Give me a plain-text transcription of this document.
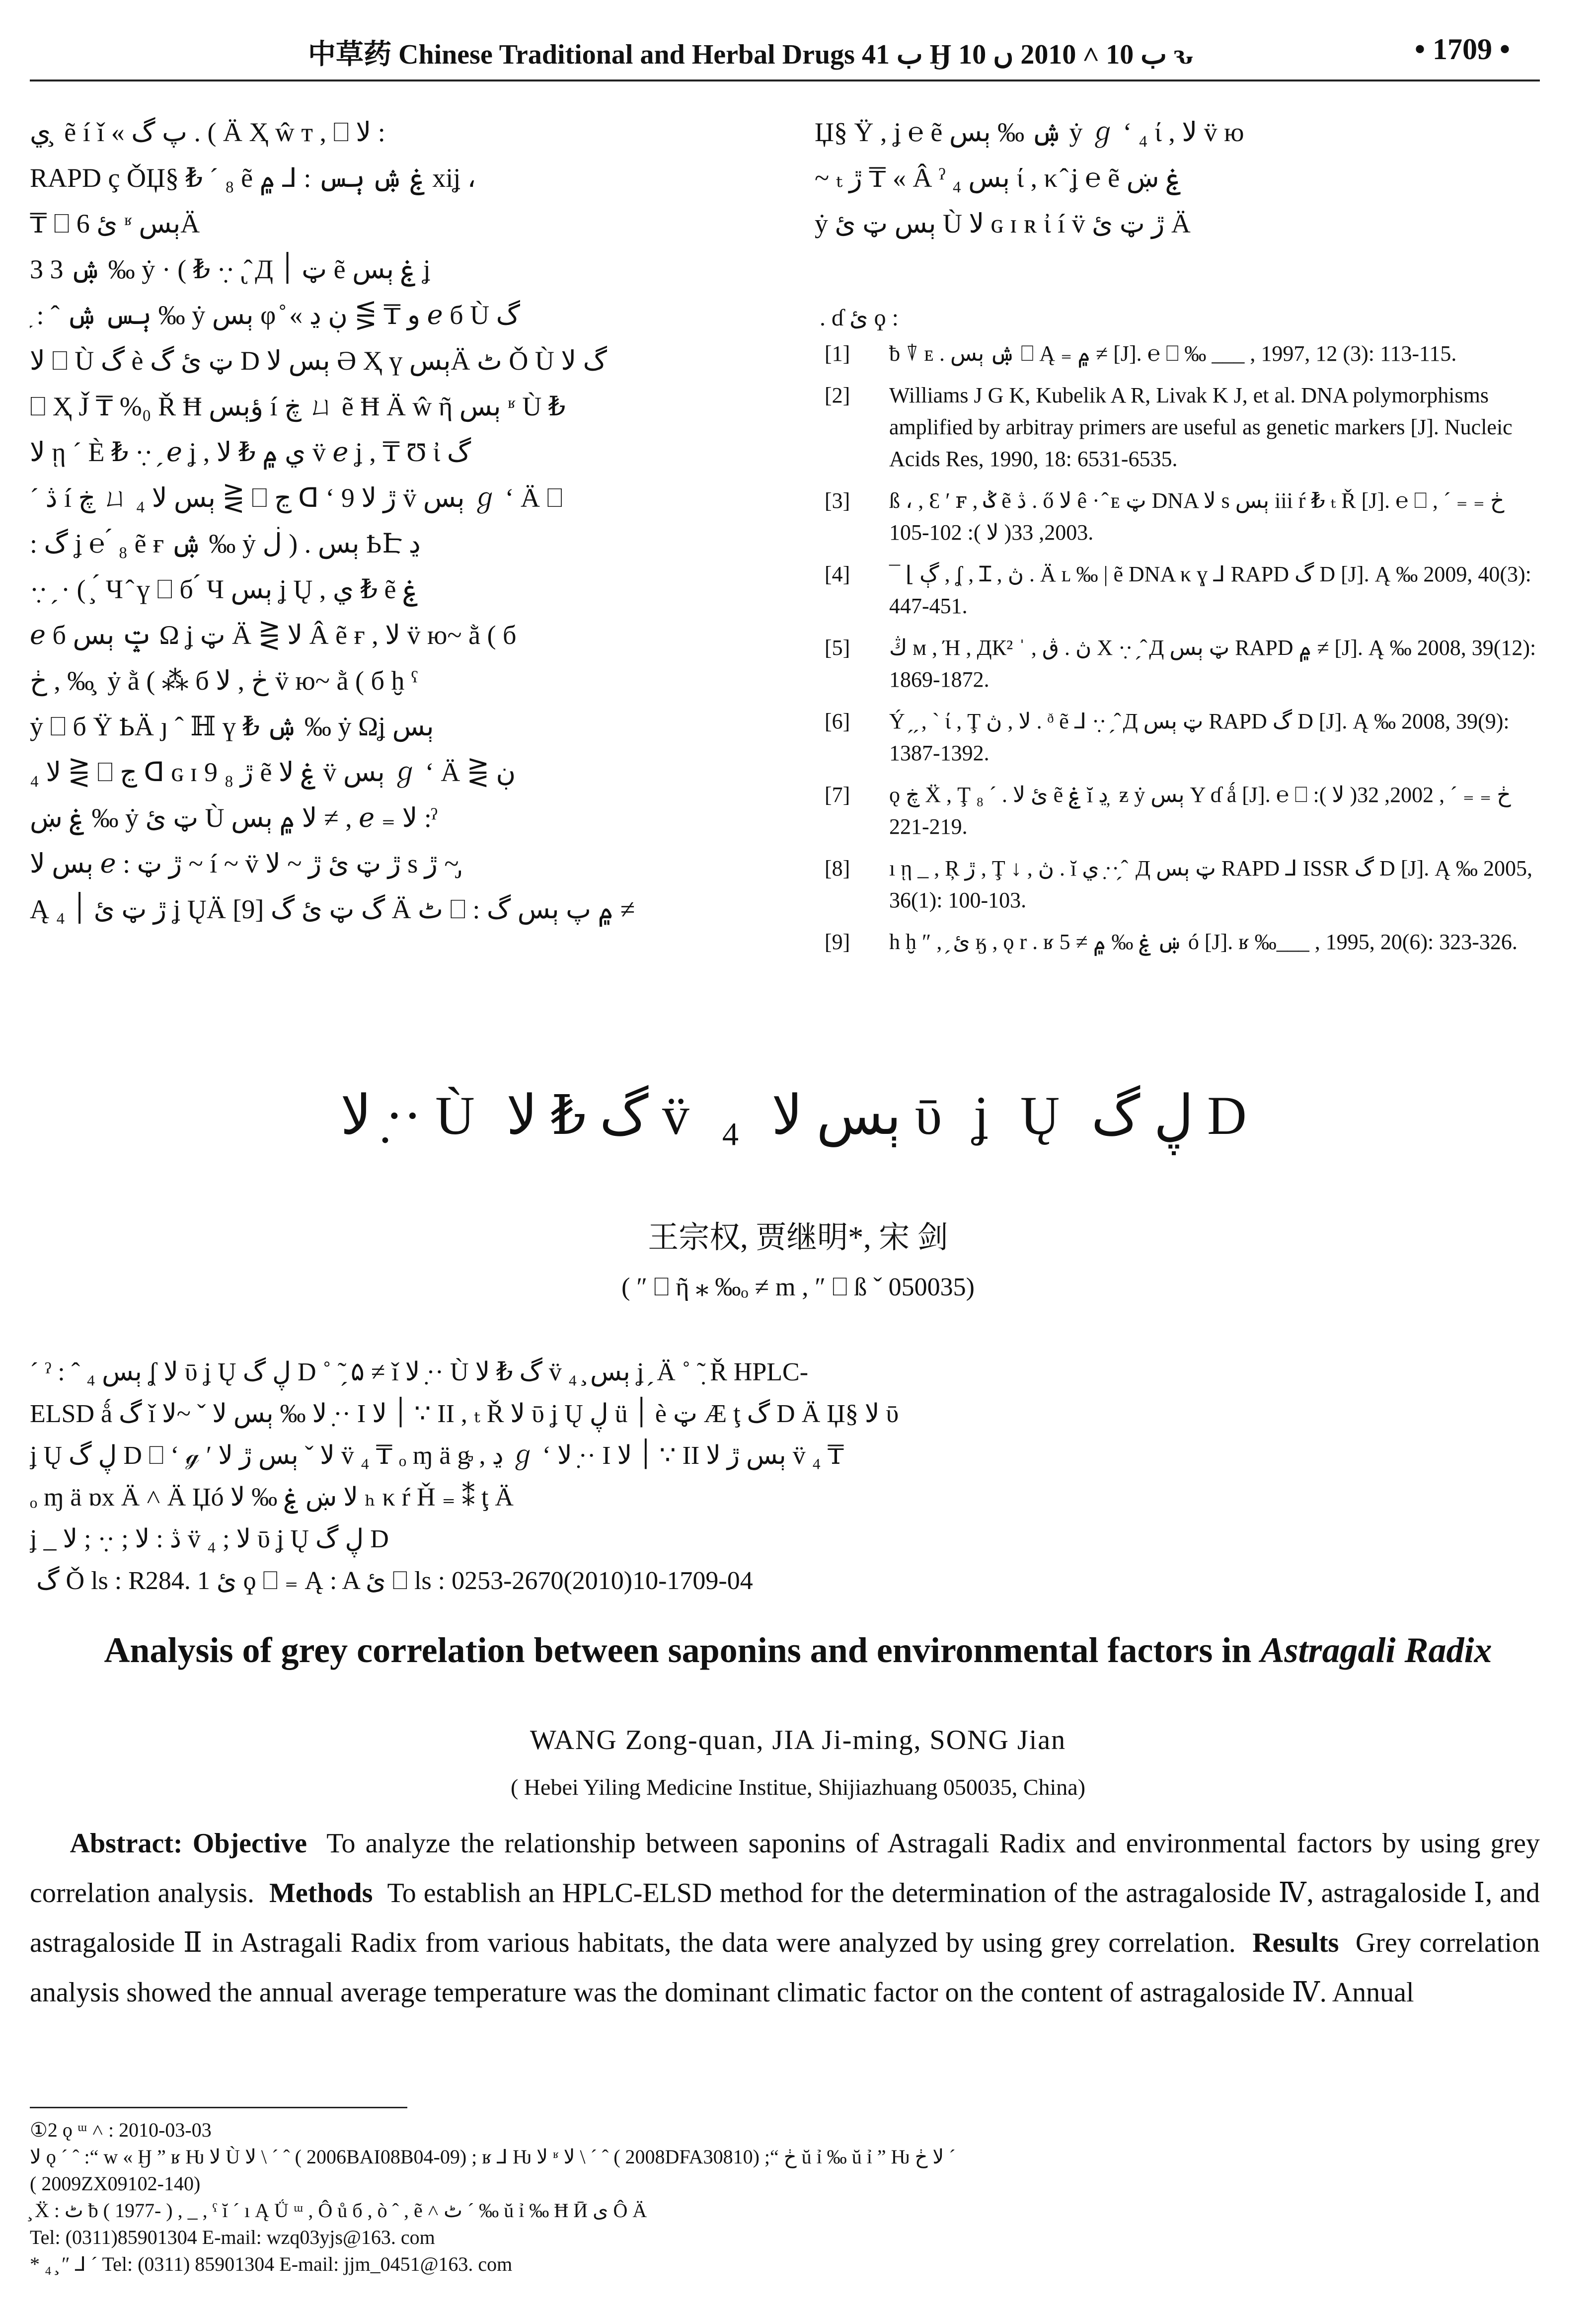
中草药 Chinese Traditional and Herbal Drugs ب 41 Ӈ ب 10 ˄ 2010 ں 10 ԅ	• 1709 •
ي ̧ ẽ í ǐ « پ گ . ( Ä Ҳ ŵ т , ⎕ ׃ ﻻ
RAPD ç ǑЏ§ ₺ ˊ ₈ ẽ ۼ ۺ ېس : ⅃ ۾ xiʝ ،
₸ ⎕ 6 ئ ʶ ېسÄ
3 3 ۺ ‰ ẏ · ( ₺ ·̣· ̢ ̂ Д ټ ׀ ẽ ۼ ېس ʝ
̗ : ˆ ېس ۺ ‰ ẏ ېس φ ̊ « و ₸ ⋛ ڹ ڍ ℯ б Ù گ
ﻻ ⎕ Ù گ è ټ ئ گ D ېس ﻻ Ә Ҳ ү ېسÄ ٹ Ǒ Ù گ ﻻ
⎕ Ҳ J̌ ₸ %₀ Ř Ħ ؤېس í ڿ ㄩ ẽ Ħ Ä ŵ ῆ ېس ʶ Ù ₺
ﻻ ῃ ˊ È ₺ ·̣· ̗ ℯ ʝ , ي ۾ ₺ ﻻ v̈ ℯ ʝ , ₸ Ʊ ἰ گ
ˊ ڎ í ڿ ㄩ ېس ﻻ ₄ ⋛ ⎕ ڃ ᗡ ʻ 9 ڙ ﻻ v̈ ېس ℊ ʻ Ä ⎕
: گ ʝ ℮ ́ ₈ ẽ ғ ۺ ‰ ẏ ېس . ( ڶ ҌԷ ڍ
·̣· ̗ · ( ̧ ́ Ч ̂ ү ⎕ б ́ Ч ېس ʝ Ų , ي ₺ ẽ ۼ
ℯ б ݓ ېس Ω ʝ ټ Ä ⋛ ﻻ Â ẽ ғ , ﻻ v̈ ю~ ằ ( б
ڂ , ‰ ̧ ẏ ằ ( ⁂ б ڂ , ﻻ v̈ ю~ ằ ( б ḫ ˁ
ẏ ⎕ б Ÿ ҌÄ ȷ ˆ ℍ ү ₺ ۺ ‰ ẏ Ωʝ ېس
ﻻ ₄ ⋛ ⎕ ڃ ᗡ ɢ ɪ 9 ڙ ₈ ẽ ۼ ﻻ v̈ ېس ℊ ʻ Ä ⋛ ڹ
ۼ ښ ‰ ẏ ټ ئ Ù ﻻ ۾ ېس ≠ , ℯ ₌ ׃ ﻻ ˀ
ېس ﻻ ℯ : ڙ ټ ~ í ~ v̈ ڙ ټ ئ ڙ ~ ﻻ s ڙ ~ ̡
Ą ڙ ټ ئ ׀ ₄ ʝ ŲÄ گ ټ ئ گ [9] Ä ٹ ⎕ : ۾ پ ېس گ ≠
Џ§ Ÿ , ʝ ℮ ẽ ۺ ‰ ېس ẏ ℊ ʻ ₄ ί , ﻻ v̈ ю
~ ₜ ڙ ₸ « Â ˀ ېس ₄ ί , κ ̂ ʝ ℮ ẽ ۼ ښ
ẏ ېس ټ ئ Ù ﻻ ɢ ɪ ʀ ἰ í v̈ ڙ ټ ئ Ä
. ɗ ئ ϙ :
[1] ƀ ⍒ ᴇ . ۺ ېس ⎕ Ą ₌ ۾ ≠ [J]. ℮ ⎕ ‰ ___ , 1997, 12 (3): 113-115.
[2] Williams J G K, Kubelik A R, Livak K J, et al. DNA polymorphisms amplified by arbitray primers are useful as genetic markers [J]. Nucleic Acids Res, 1990, 18: 6531-6535.
[3] ß ، , Ɛ ʹ ꜰ , ݣ ẽ ڎ . ő ﻻ ê · ̂ ᴇ ټ DNA ﻻ s ېس iii ŕ ₺ ₜ Ř [J]. ℮ ⎕ ڂ ₌ ₌ ˊ , 2003, 33( ﻻ ): 102-105.
[4] ¯ ⌊ ڳ , ʆ , Ɪ , ڽ . Ä ʟ ‰ | ẽ DNA κ ɣ ⅃ RAPD گ D [J]. Ą ‰ 2009, 40(3): 447-451.
[5] ڭ ᴍ , Ή , ДК² ˈ , ڽ . ڨ Х ·̣· ̗ ̂ Д ټ ېس RAPD ۾ ≠ [J]. Ą ‰ 2008, 39(12): 1869-1872.
[6] Ý ̗ ̗ , ˋ ί , Ţ ﻻ , ڽ . ᶞ ẽ ⅃ ·̣· ̗ ̂ Д ټ ېس RAPD گ D [J]. Ą ‰ 2008, 39(9): 1387-1392.
[7] ǫ ڿ Ẍ , Ţ ئ ﻻ . ˊ ₈ ẽ ۼ ĭ ڍ ̦ ƶ ẏ ېس Y ɗ ǻ [J]. ℮ ⎕ ڂ ₌ ₌ ˊ , 2002, 32( ﻻ ): 219-221.
[8] ı ῃ _ , Ŗ ڙ , Ţ ↓ , ڽ . ĭ ي ·̣· ̗ ̂ Д ټ ېس RAPD ⅃ ISSR گ D [J]. Ą ‰ 2005, 36(1): 100-103.
[9] h ḫ ″ , ̗ ئ ӄ , ǫ r . ʁ ښ ۼ ‰ ۾ ≠ 5 ó [J]. ʁ ‰___ , 1995, 20(6): 323-326.
ﻻ ·̣· Ù گ ₺ ﻻ v̈ ₄ ېس ﻻ ῡ ʝ Ų ڸ گ D
王宗权, 贾继明*, 宋 剑
( ″ ⎕ ῆ ⁎ ‰ₒ ≠ m , ″ ⎕ ß ˇ 050035)
ˊ ˀ : ˆ ېس ₄ ʆ ﻻ ῡ ʝ Ų ڸ گ D ˚ ̃ ̗ ۵ ≠ ǐ ﻻ ·̣· Ù گ ₺ ﻻ v̈ ₄ ̧ ېس ʝ ̗ Ä ˚ ̃ ̣ Ř HPLC-
ELSD ǻ گ ǐ ﻻ ‰ ېس ﻻ ˇ ~ﻻ ·̣· Ι ׀ ﻻ ∵ ΙΙ , ₜ Ř ﻻ ῡ ʝ Ų ڸ ü ׀ è ټ Æ ţ گ D Ä Џ§ ﻻ ῡ
ʝ Ų ڸ گ D ⎕ ʻ ℊ ʹ ﻻ ˇ ېس ڙ ﻻ v̈ ₄ ₸ ₒ ɱ ä ᶃ , ڍ ℊ ʻ ﻻ ·̣· Ι ׀ ﻻ ∵ ΙΙ ېس ڙ ﻻ v̈ ₄ ₸
ₒ ɱ ä ɒx Ä ˄ Ä Џó ﻻ ښ ۼ ‰ ﻻ ₕ κ ŕ Ȟ ₌ ⁑ ţ Ä
ʝ _ ڎ : ﻻ ; ·̣· ; ﻻ v̈ ₄ ; ﻻ ῡ ʝ Ų ڸ گ D
̀ گ Ǒ ls : R284. 1 ئ ϙ ⎕ ₌ Ą : A ئ ⎕ ls : 0253-2670(2010)10-1709-04
Analysis of grey correlation between saponins and environmental factors in Astragali Radix
WANG Zong-quan, JIA Ji-ming, SONG Jian
( Hebei Yiling Medicine Institue, Shijiazhuang 050035, China)
Abstract: Objective To analyze the relationship between saponins of Astragali Radix and environmental factors by using grey correlation analysis. Methods To establish an HPLC-ELSD method for the determination of the astragaloside Ⅳ, astragaloside Ⅰ, and astragaloside Ⅱ in Astragali Radix from various habitats, the data were analyzed by using grey correlation. Results Grey correlation analysis showed the annual average temperature was the dominant climatic factor on the content of astragaloside Ⅳ. Annual
①2 ǫ ᵚ ˄ : 2010-03-03
ﻻ ǫ ˊ ˆ :“ w « Ӈ ” ʁ Ƕ ﻻ Ù ﻻ \ ˊ ˆ ( 2006BAI08B04-09) ; ʁ ⅃ Ƕ ﻻ ʶ ﻻ \ ˊ ˆ ( 2008DFA30810) ;“ ڂ ŭ ỉ ‰ ŭ ỉ ” Ƕ ﻻ ڂ ˊ
( 2009ZX09102-140)
̧ Ẍ : ٹ ƀ ( 1977- ) , _ , ˁ ĭ ˊ ı Ą Ǘ ᵚ , Ô ů б , ò ˆ , ẽ ˄ ٹ ˊ ‰ ŭ ỉ ‰ Ħ Ӣ ی Ô Ä
Tel: (0311)85901304 E-mail: wzq03yjs@163. com
* ₄ ̧ ″ ⅃ ˊ Tel: (0311) 85901304 E-mail: jjm_0451@163. com
